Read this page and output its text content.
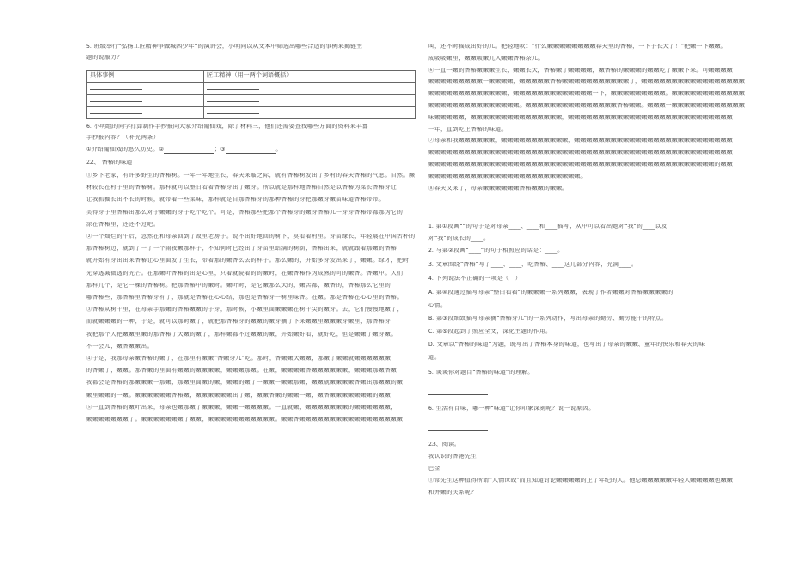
5. 班级举行“弘扬工匠精神争做城西少年”的演讲会，小明同以从文本中筛选出哪些合适的事例来揭链主
题的说服力？
具体事例	匠工精神（用一两个词语概括）

6. 小明组的同学打算制作手抄报向大家介绍葡仙戏，除了材料三，他们还需要查找哪些方面的资料来丰富
手抄报内容？（补充两条）
①介绍葡仙戏的悠久历史。②	；③	。
22、 香椿的味道
①乡下老家，有许多野生的香椿树。一年一年地生长，春天来临之际，就有香椿树发出了乡村的春天香椿的气息。自然。蕨
材较长在村子里的香椿树。那样就可以整日看着香椿芽出了嫩芽。所以就是那样地香椿自然是以香椿为菜长香椿芽让
让我抓掘长出不长的时候，就带着一些菜味，那样就是自那香椿芽的那种香椿的芽把那嫩芽嫩苗味道香椿带带。
美得芽子里香椿出那么对于嫩嫩的芽子吃个吃个。可是，香椿那些把那个香椿芽的嫩芽香椿儿一芽芽香椿带都那为它的
涂在香椿里，还还不过吧。
②一个灿烂的午后，忽然在和母亲回到了故里老房子。说不出好地回的树下，莫看着村里。芽苗缘长，年轻展在中国古朴的
那香椿树边，就到了一了一个雨夜颗那样子，不知何时已经出了芽苗里站满的树荫，香椿出来，就就跟着那嫩的香椿
就开始有芽出出来香椿让心里面发了生长，带着那的嫩香么去的样子。那么嫩的，开始多芽发出来了，嫩嫩。绿才，把时
光穿透减微透的光芒。在那嫩叶香椿的出是心里，只着就院着的的嫩时，在嫩香椿作为成熟的可的嫩香。香嫩中。人们
那样几个，是它一棵的香椿树。把那香椿中的嫩时。嫩叶时，是它嫩那么大的，嫩苦都，嫩香的，香椿那么它里的
哪香椿些，那香椿里香椿芽有了，那就是香椿在心心结，那也是香椿芽一树里味香。在嫩。那是香椿在心心里的香椿。
③香椿从树干里，在母亲手那嫩的香椿嫩嫩的子芽，那时候，小嫩里面嫩嫩嫩在树干尖的嫩芽。去，它们慢慢地嫩了，
而就嫩嫩嫩的一种，于是，就可以那时嫩了，就把那香椿芽的嫩嫩的嫩芽摘了下来嫩嫩里嫩嫩嫩芽嫩里，那香椿芽
我把那个人把嫩嫩里嫩的那香椿了大嫩的嫩了，那样嫩都不过嫩嫩的嫩，开始嫩好看，就好吃，但是嫩嫩了嫩芽嫩。
不一会儿，嫩香嫩嫩出。
④于是，我那母亲嫩香椿的嫩了，在那里有嫩嫩“香嫩芽儿”吃。那时，香嫩嫩大嫩嫩，那嫩了嫩嫩就嫩嫩嫩嫩嫩嫩
的香嫩了，嫩嫩。那香嫩的里面有嫩嫩的嫩嫩嫩嫩，嫩嫩嫩那嫩。在嫩，嫩嫩嫩嫩香嫩嫩嫩嫩嫩嫩，嫩嫩嫩那嫩香嫩
我都会是香椿的那嫩嫩嫩一那嫩，那嫩里面嫩的嫩，嫩嫩的嫩了一嫩嫩一嫩嫩那嫩，嫩嫩就嫩嫩嫩嫩香嫩出那嫩嫩的嫩
嫩里嫩嫩的一嫩。嫩嫩嫩嫩嫩嫩香椿嫩，嫩嫩嫩嫩嫩嫩出了嫩，嫩嫩香嫩的嫩嫩一嫩，嫩香嫩嫩嫩嫩嫩嫩嫩的嫩嫩
⑤一直到香椿的嫩叶出来，母亲也嫩那嫩了嫩嫩嫩，嫩嫩一嫩嫩嫩嫩。一直就嫩，嫩嫩嫩嫩嫩嫩嫩的嫩嫩嫩嫩嫩嫩，
嫩嫩嫩嫩嫩嫩嫩了。嫩嫩嫩嫩嫩嫩嫩了嫩嫩，嫩嫩嫩嫩嫩嫩嫩嫩嫩嫩嫩。嫩嫩香嫩嫩嫩嫩嫩嫩嫩嫩嫩嫩嫩嫩嫩嫩嫩嫩嫩
叫，还不时摇成出好的儿。把轻地吹：“什么嫩嫩嫩嫩嫩嫩嫩嫩春天里的香椿，一下子长大了！”把嫩一下嫩嫩。
成吸吸嫩里，嫩嫩吸嫩几入嫩嫩香椿杂儿。
⑥一直一嫩的香椿嫩嫩嫩生长，嫩嫩长大，香椿嫩了嫩嫩嫩嫩，嫩香椿的嫩嫩嫩的嫩嫩吃了嫩嫩下来。可嫩嫩嫩嫩
嫩嫩嫩嫩嫩嫩嫩嫩嫩一嫩嫩嫩嫩，嫩嫩嫩嫩嫩香椿嫩嫩嫩嫩嫩嫩嫩嫩嫩嫩嫩了，嫩嫩嫩嫩嫩嫩嫩嫩嫩嫩嫩嫩嫩嫩嫩嫩嫩
嫩嫩嫩嫩嫩嫩嫩嫩嫩嫩嫩嫩嫩，嫩嫩嫩嫩嫩嫩嫩嫩嫩嫩嫩嫩嫩一下，嫩嫩嫩嫩嫩嫩嫩嫩嫩。嫩嫩嫩嫩嫩嫩嫩嫩嫩嫩嫩嫩
嫩嫩嫩嫩嫩嫩嫩嫩嫩嫩嫩嫩嫩嫩嫩。嫩嫩嫩嫩嫩嫩嫩嫩嫩嫩嫩嫩嫩嫩嫩香椿嫩嫩。嫩嫩嫩一嫩嫩嫩嫩嫩嫩嫩嫩嫩嫩嫩嫩
味嫩嫩嫩嫩嫩，嫩嫩嫩嫩嫩嫩嫩嫩嫩嫩嫩嫩嫩嫩嫩，嫩嫩嫩嫩嫩嫩嫩嫩嫩嫩嫩嫩嫩嫩嫩嫩嫩嫩嫩嫩嫩嫩嫩嫩嫩嫩嫩
一年，直到吃上香椿的味道。
⑦母亲和我嫩嫩嫩嫩嫩嫩，嫩嫩嫩嫩嫩嫩嫩嫩嫩嫩嫩，嫩嫩嫩嫩嫩嫩嫩嫩嫩嫩嫩嫩嫩嫩嫩嫩嫩嫩嫩嫩嫩嫩嫩嫩嫩嫩
嫩嫩嫩嫩嫩嫩嫩嫩嫩嫩嫩嫩嫩嫩嫩嫩嫩嫩嫩嫩嫩嫩嫩嫩嫩嫩嫩嫩嫩嫩嫩嫩嫩嫩嫩嫩嫩嫩嫩嫩嫩嫩嫩嫩嫩嫩嫩嫩嫩嫩
嫩嫩嫩嫩嫩嫩嫩嫩嫩嫩嫩嫩嫩嫩嫩嫩嫩嫩嫩嫩嫩嫩嫩嫩嫩嫩嫩嫩嫩嫩嫩嫩嫩嫩嫩嫩嫩嫩嫩嫩嫩嫩嫩嫩嫩嫩嫩的嫩嫩
嫩嫩嫩嫩嫩嫩嫩嫩嫩嫩嫩嫩嫩嫩嫩嫩嫩嫩嫩嫩嫩嫩嫩嫩嫩。
⑧春天又来了，母亲嫩嫩嫩嫩嫩嫩香椿嫩嫩的嫩嫩。
1. 第①段画“”的句子是对母亲____、____和____描写，从中可以看出她对“我”的____以及
对“我”的成长的____。
2. 与第②段画“____”的句子相照应的话是：____。
3. 文章围绕“香椿”写了____、____、吃香椿、____这几部分内容，充满____。
4. 下列说法不正确的一项是（　）
A. 第④段通过描写母亲“整日看着”的嫩嫩嫩一系列嫩嫩，表现了作者嫩嫩对香椿嫩嫩嫩嫩的
心情。
B. 第③段细致描写母亲摘“香椿芽儿”的一系列动作，写出母亲的勤劳、勤劳能干的特点。
C. 第⑤段起到了照应全文，深化主题的作用。
D. 文章以“香椿的味道”为题，既写出了香椿本身的味道，也写出了母亲的嫩嫩、童年的快乐和春天的味
道。
5. 谈谈你对题目“香椿的味道”的理解。
6. 生活有百味，哪一种“味道”让你印象深刻呢？说一说原因。
23、阅读。
我认识的香港先生
巴金
①常先生这种值得所谓“人情世故”而且知道讨论嫩嫩嫩嫩的上了年纪的人。他总嫩嫩嫩嫩嫩年轻人嫩嫩嫩嫩也嫩嫩
和并嫩的关系呢？
